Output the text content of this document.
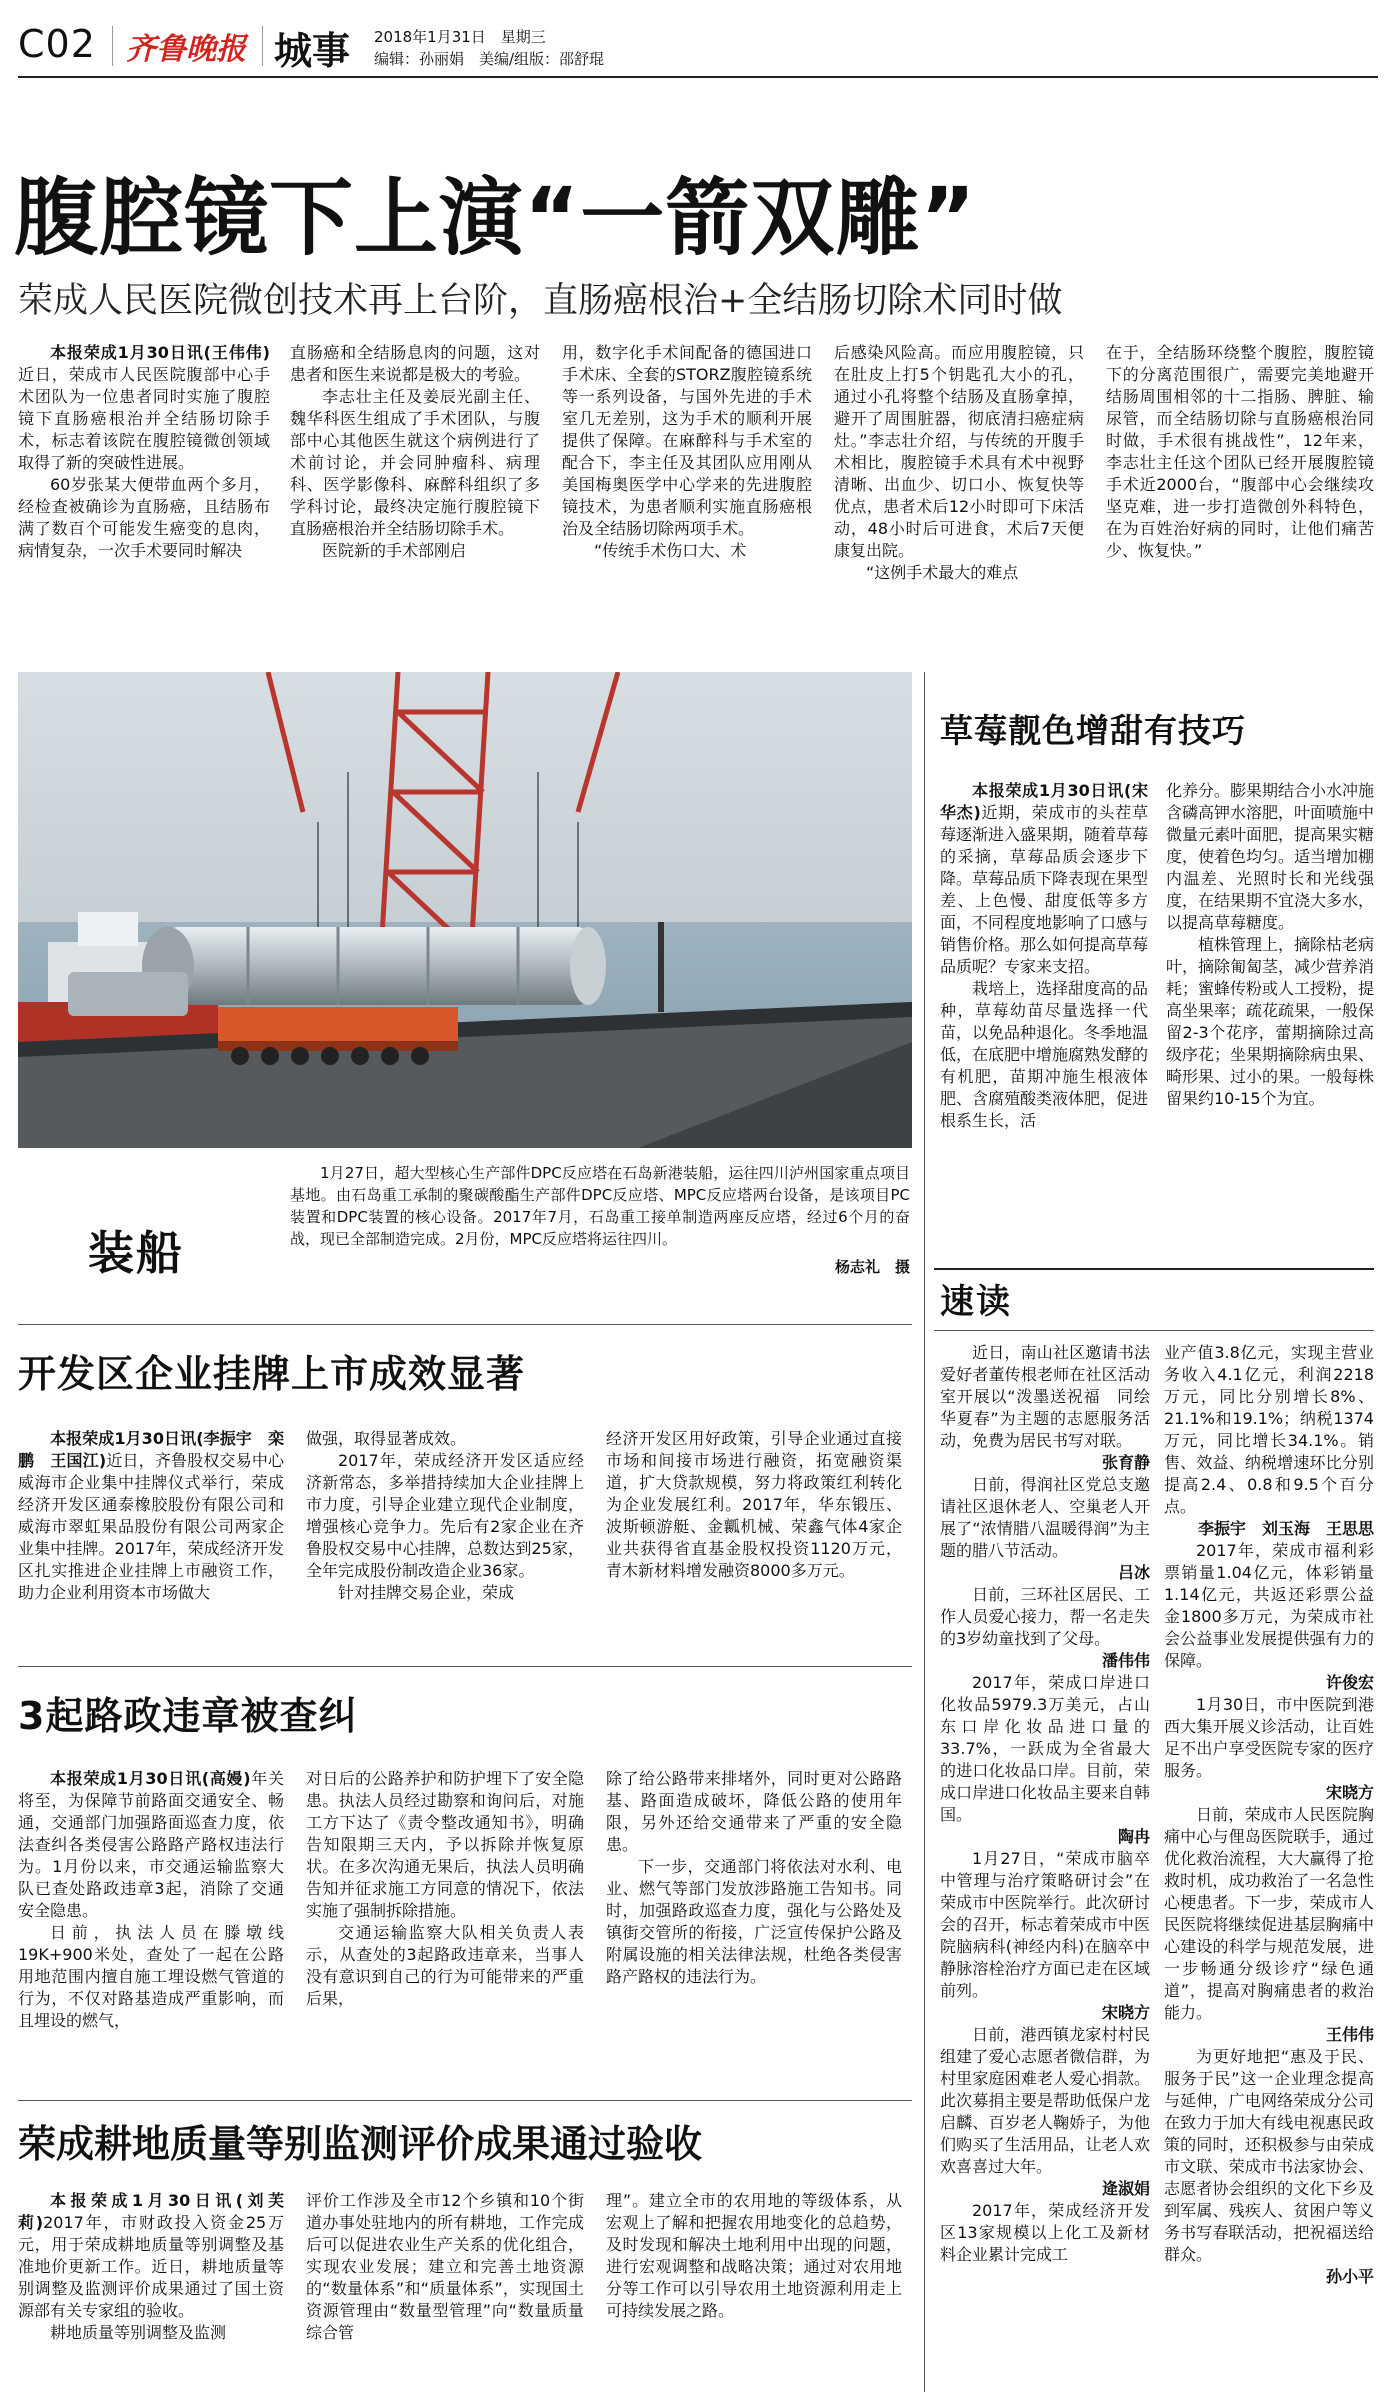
C02 齐鲁晚报 城事 2018年1月31日　星期三
编辑：孙丽娟　美编/组版：邵舒琨
腹腔镜下上演“一箭双雕”
荣成人民医院微创技术再上台阶，直肠癌根治+全结肠切除术同时做

本报荣成1月30日讯(王伟伟)近日，荣成市人民医院腹部中心手术团队为一位患者同时实施了腹腔镜下直肠癌根治并全结肠切除手术，标志着该院在腹腔镜微创领域取得了新的突破性进展。

60岁张某大便带血两个多月，经检查被确诊为直肠癌，且结肠布满了数百个可能发生癌变的息肉，病情复杂，一次手术要同时解决

直肠癌和全结肠息肉的问题，这对患者和医生来说都是极大的考验。

李志壮主任及姜辰光副主任、魏华科医生组成了手术团队，与腹部中心其他医生就这个病例进行了术前讨论，并会同肿瘤科、病理科、医学影像科、麻醉科组织了多学科讨论，最终决定施行腹腔镜下直肠癌根治并全结肠切除手术。

医院新的手术部刚启

用，数字化手术间配备的德国进口手术床、全套的STORZ腹腔镜系统等一系列设备，与国外先进的手术室几无差别，这为手术的顺利开展提供了保障。在麻醉科与手术室的配合下，李主任及其团队应用刚从美国梅奥医学中心学来的先进腹腔镜技术，为患者顺利实施直肠癌根治及全结肠切除两项手术。

“传统手术伤口大、术

后感染风险高。而应用腹腔镜，只在肚皮上打5个钥匙孔大小的孔，通过小孔将整个结肠及直肠拿掉，避开了周围脏器，彻底清扫癌症病灶。”李志壮介绍，与传统的开腹手术相比，腹腔镜手术具有术中视野清晰、出血少、切口小、恢复快等优点，患者术后12小时即可下床活动，48小时后可进食，术后7天便康复出院。

“这例手术最大的难点

在于，全结肠环绕整个腹腔，腹腔镜下的分离范围很广，需要完美地避开结肠周围相邻的十二指肠、脾脏、输尿管，而全结肠切除与直肠癌根治同时做，手术很有挑战性”，12年来，李志壮主任这个团队已经开展腹腔镜手术近2000台，“腹部中心会继续攻坚克难，进一步打造微创外科特色，在为百姓治好病的同时，让他们痛苦少、恢复快。”

装船

1月27日，超大型核心生产部件DPC反应塔在石岛新港装船，运往四川泸州国家重点项目基地。由石岛重工承制的聚碳酸酯生产部件DPC反应塔、MPC反应塔两台设备，是该项目PC装置和DPC装置的核心设备。2017年7月，石岛重工接单制造两座反应塔，经过6个月的奋战，现已全部制造完成。2月份，MPC反应塔将运往四川。

杨志礼　摄
草莓靓色增甜有技巧

本报荣成1月30日讯(宋华杰)近期，荣成市的头茬草莓逐渐进入盛果期，随着草莓的采摘，草莓品质会逐步下降。草莓品质下降表现在果型差、上色慢、甜度低等多方面，不同程度地影响了口感与销售价格。那么如何提高草莓品质呢？专家来支招。

栽培上，选择甜度高的品种，草莓幼苗尽量选择一代苗，以免品种退化。冬季地温低，在底肥中增施腐熟发酵的有机肥，苗期冲施生根液体肥、含腐殖酸类液体肥，促进根系生长，活

化养分。膨果期结合小水冲施含磷高钾水溶肥，叶面喷施中微量元素叶面肥，提高果实糖度，使着色均匀。适当增加棚内温差、光照时长和光线强度，在结果期不宜浇大多水，以提高草莓糖度。

植株管理上，摘除枯老病叶，摘除匍匐茎，减少营养消耗；蜜蜂传粉或人工授粉，提高坐果率；疏花疏果，一般保留2-3个花序，蕾期摘除过高级序花；坐果期摘除病虫果、畸形果、过小的果。一般每株留果约10-15个为宜。

开发区企业挂牌上市成效显著

本报荣成1月30日讯(李振宇　栾鹏　王国江)近日，齐鲁股权交易中心威海市企业集中挂牌仪式举行，荣成经济开发区通泰橡胶股份有限公司和威海市翠虹果品股份有限公司两家企业集中挂牌。2017年，荣成经济开发区扎实推进企业挂牌上市融资工作，助力企业利用资本市场做大

做强，取得显著成效。

2017年，荣成经济开发区适应经济新常态，多举措持续加大企业挂牌上市力度，引导企业建立现代企业制度，增强核心竞争力。先后有2家企业在齐鲁股权交易中心挂牌，总数达到25家，全年完成股份制改造企业36家。

针对挂牌交易企业，荣成

经济开发区用好政策，引导企业通过直接市场和间接市场进行融资，拓宽融资渠道，扩大贷款规模，努力将政策红利转化为企业发展红利。2017年，华东锻压、波斯顿游艇、金瓤机械、荣鑫气体4家企业共获得省直基金股权投资1120万元，青木新材料增发融资8000多万元。

3起路政违章被查纠

本报荣成1月30日讯(高嫚)年关将至，为保障节前路面交通安全、畅通，交通部门加强路面巡查力度，依法查纠各类侵害公路路产路权违法行为。1月份以来，市交通运输监察大队已查处路政违章3起，消除了交通安全隐患。

日前，执法人员在滕墩线19K+900米处，查处了一起在公路用地范围内擅自施工埋设燃气管道的行为，不仅对路基造成严重影响，而且埋设的燃气，

对日后的公路养护和防护埋下了安全隐患。执法人员经过勘察和询问后，对施工方下达了《责令整改通知书》，明确告知限期三天内，予以拆除并恢复原状。在多次沟通无果后，执法人员明确告知并征求施工方同意的情况下，依法实施了强制拆除措施。

交通运输监察大队相关负责人表示，从查处的3起路政违章来，当事人没有意识到自己的行为可能带来的严重后果，

除了给公路带来排堵外，同时更对公路路基、路面造成破坏，降低公路的使用年限，另外还给交通带来了严重的安全隐患。

下一步，交通部门将依法对水利、电业、燃气等部门发放涉路施工告知书。同时，加强路政巡查力度，强化与公路处及镇街交管所的衔接，广泛宣传保护公路及附属设施的相关法律法规，杜绝各类侵害路产路权的违法行为。

荣成耕地质量等别监测评价成果通过验收

本报荣成1月30日讯(刘芙莉)2017年，市财政投入资金25万元，用于荣成耕地质量等别调整及基准地价更新工作。近日，耕地质量等别调整及监测评价成果通过了国土资源部有关专家组的验收。

耕地质量等别调整及监测

评价工作涉及全市12个乡镇和10个街道办事处驻地内的所有耕地，工作完成后可以促进农业生产关系的优化组合，实现农业发展；建立和完善土地资源的“数量体系”和“质量体系”，实现国土资源管理由“数量型管理”向“数量质量综合管

理”。建立全市的农用地的等级体系，从宏观上了解和把握农用地变化的总趋势，及时发现和解决土地利用中出现的问题，进行宏观调整和战略决策；通过对农用地分等工作可以引导农用土地资源利用走上可持续发展之路。

速读

近日，南山社区邀请书法爱好者董传根老师在社区活动室开展以“泼墨送祝福　同绘华夏春”为主题的志愿服务活动，免费为居民书写对联。

张育静

日前，得润社区党总支邀请社区退休老人、空巢老人开展了“浓情腊八温暖得润”为主题的腊八节活动。

吕冰

日前，三环社区居民、工作人员爱心接力，帮一名走失的3岁幼童找到了父母。

潘伟伟

2017年，荣成口岸进口化妆品5979.3万美元，占山东口岸化妆品进口量的33.7%，一跃成为全省最大的进口化妆品口岸。目前，荣成口岸进口化妆品主要来自韩国。

陶冉

1月27日，“荣成市脑卒中管理与治疗策略研讨会”在荣成市中医院举行。此次研讨会的召开，标志着荣成市中医院脑病科(神经内科)在脑卒中静脉溶栓治疗方面已走在区域前列。

宋晓方

日前，港西镇龙家村村民组建了爱心志愿者微信群，为村里家庭困难老人爱心捐款。此次募捐主要是帮助低保户龙启麟、百岁老人鞠娇子，为他们购买了生活用品，让老人欢欢喜喜过大年。

逄淑娟

2017年，荣成经济开发区13家规模以上化工及新材料企业累计完成工

业产值3.8亿元，实现主营业务收入4.1亿元，利润2218万元，同比分别增长8%、21.1%和19.1%；纳税1374万元，同比增长34.1%。销售、效益、纳税增速环比分别提高2.4、0.8和9.5个百分点。

李振宇　刘玉海　王思思

2017年，荣成市福利彩票销量1.04亿元，体彩销量1.14亿元，共返还彩票公益金1800多万元，为荣成市社会公益事业发展提供强有力的保障。

许俊宏

1月30日，市中医院到港西大集开展义诊活动，让百姓足不出户享受医院专家的医疗服务。

宋晓方

日前，荣成市人民医院胸痛中心与俚岛医院联手，通过优化救治流程，大大赢得了抢救时机，成功救治了一名急性心梗患者。下一步，荣成市人民医院将继续促进基层胸痛中心建设的科学与规范发展，进一步畅通分级诊疗“绿色通道”，提高对胸痛患者的救治能力。

王伟伟

为更好地把“惠及于民、服务于民”这一企业理念提高与延伸，广电网络荣成分公司在致力于加大有线电视惠民政策的同时，还积极参与由荣成市文联、荣成市书法家协会、志愿者协会组织的文化下乡及到军属、残疾人、贫困户等义务书写春联活动，把祝福送给群众。

孙小平
